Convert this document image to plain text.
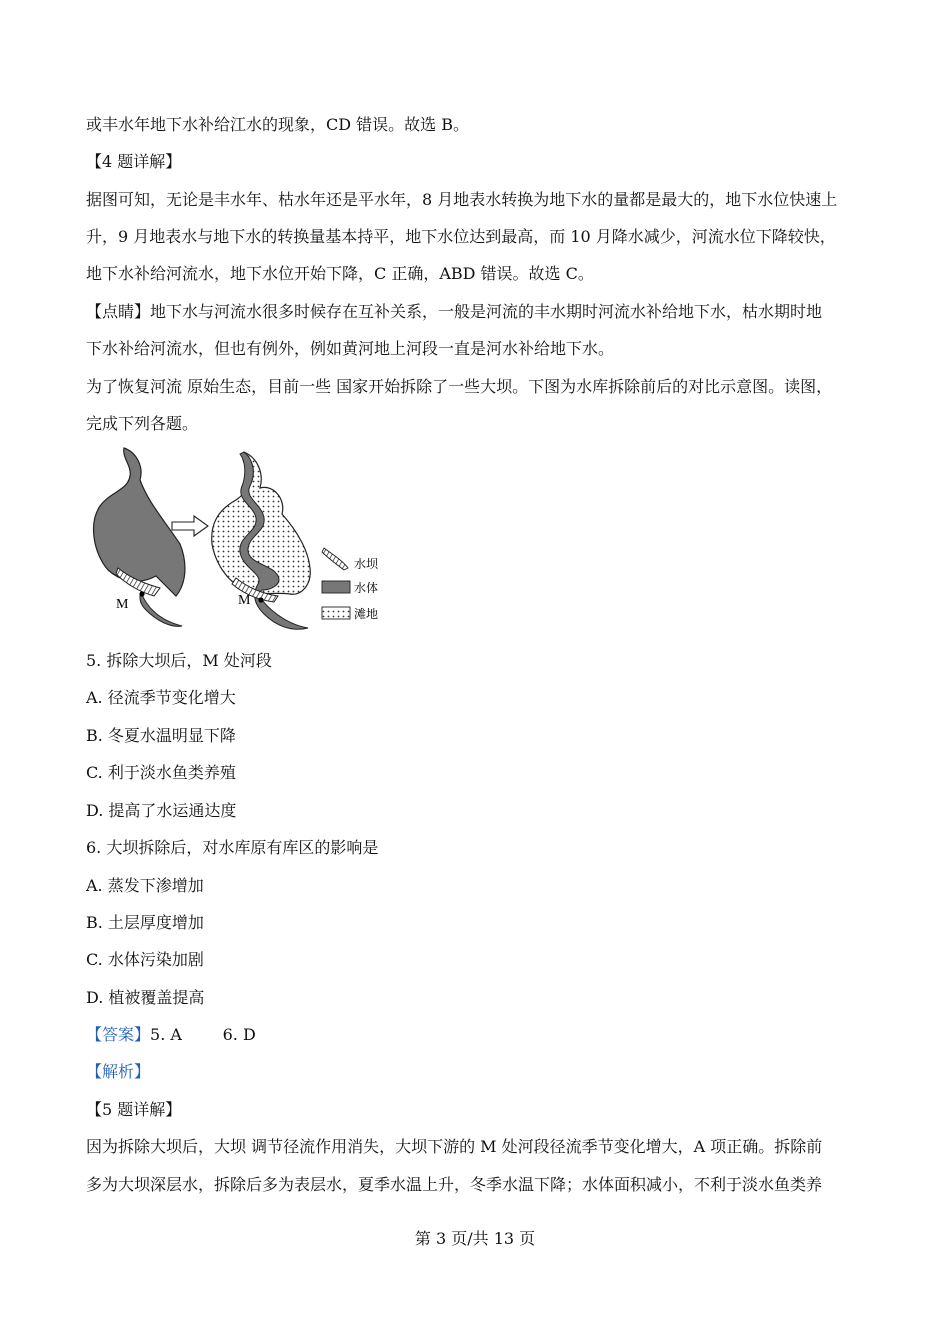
或丰水年地下水补给江水的现象，CD 错误。故选 B。
【4 题详解】
据图可知，无论是丰水年、枯水年还是平水年，8 月地表水转换为地下水的量都是最大的，地下水位快速上
升，9 月地表水与地下水的转换量基本持平，地下水位达到最高，而 10 月降水减少，河流水位下降较快，
地下水补给河流水，地下水位开始下降，C 正确，ABD 错误。故选 C。
【点睛】地下水与河流水很多时候存在互补关系，一般是河流的丰水期时河流水补给地下水，枯水期时地
下水补给河流水，但也有例外，例如黄河地上河段一直是河水补给地下水。
为了恢复河流 原始生态，目前一些 国家开始拆除了一些大坝。下图为水库拆除前后的对比示意图。读图，
完成下列各题。
M	M
水坝
水体
滩地
5. 拆除大坝后，M 处河段
A. 径流季节变化增大
B. 冬夏水温明显下降
C. 利于淡水鱼类养殖
D. 提高了水运通达度
6. 大坝拆除后，对水库原有库区的影响是
A. 蒸发下渗增加
B. 土层厚度增加
C. 水体污染加剧
D. 植被覆盖提高
【答案】5. A        6. D
【解析】
【5 题详解】
因为拆除大坝后，大坝 调节径流作用消失，大坝下游的 M 处河段径流季节变化增大，A 项正确。拆除前
多为大坝深层水，拆除后多为表层水，夏季水温上升，冬季水温下降；水体面积减小，不利于淡水鱼类养
第 3 页/共 13 页
